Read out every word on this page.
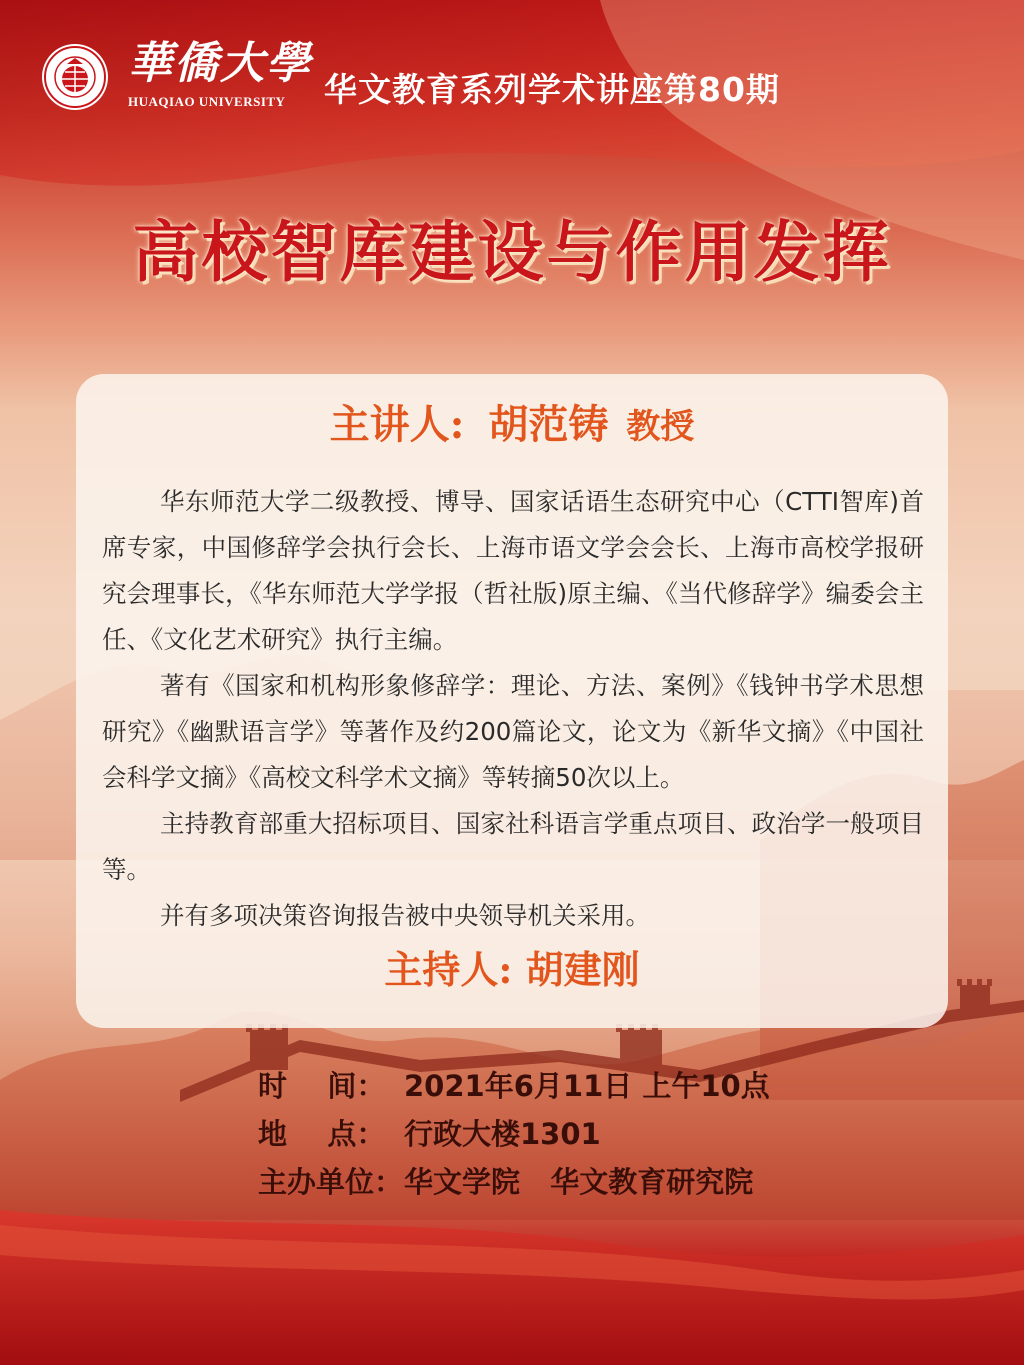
華僑大學
HUAQIAO UNIVERSITY 华文教育系列学术讲座第80期
高校智库建设与作用发挥
主讲人: 胡范铸 教授

华东师范大学二级教授、博导、国家话语生态研究中心（CTTI智库)首席专家，中国修辞学会执行会长、上海市语文学会会长、上海市高校学报研究会理事长，《华东师范大学学报（哲社版)原主编、《当代修辞学》编委会主任、《文化艺术研究》执行主编。

著有《国家和机构形象修辞学：理论、方法、案例》《钱钟书学术思想研究》《幽默语言学》等著作及约200篇论文，论文为《新华文摘》《中国社会科学文摘》《高校文科学术文摘》等转摘50次以上。

主持教育部重大招标项目、国家社科语言学重点项目、政治学一般项目等。

并有多项决策咨询报告被中央领导机关采用。

主持人: 胡建刚
时    间： 2021年6月11日 上午10点
地    点： 行政大楼1301
主办单位： 华文学院   华文教育研究院
